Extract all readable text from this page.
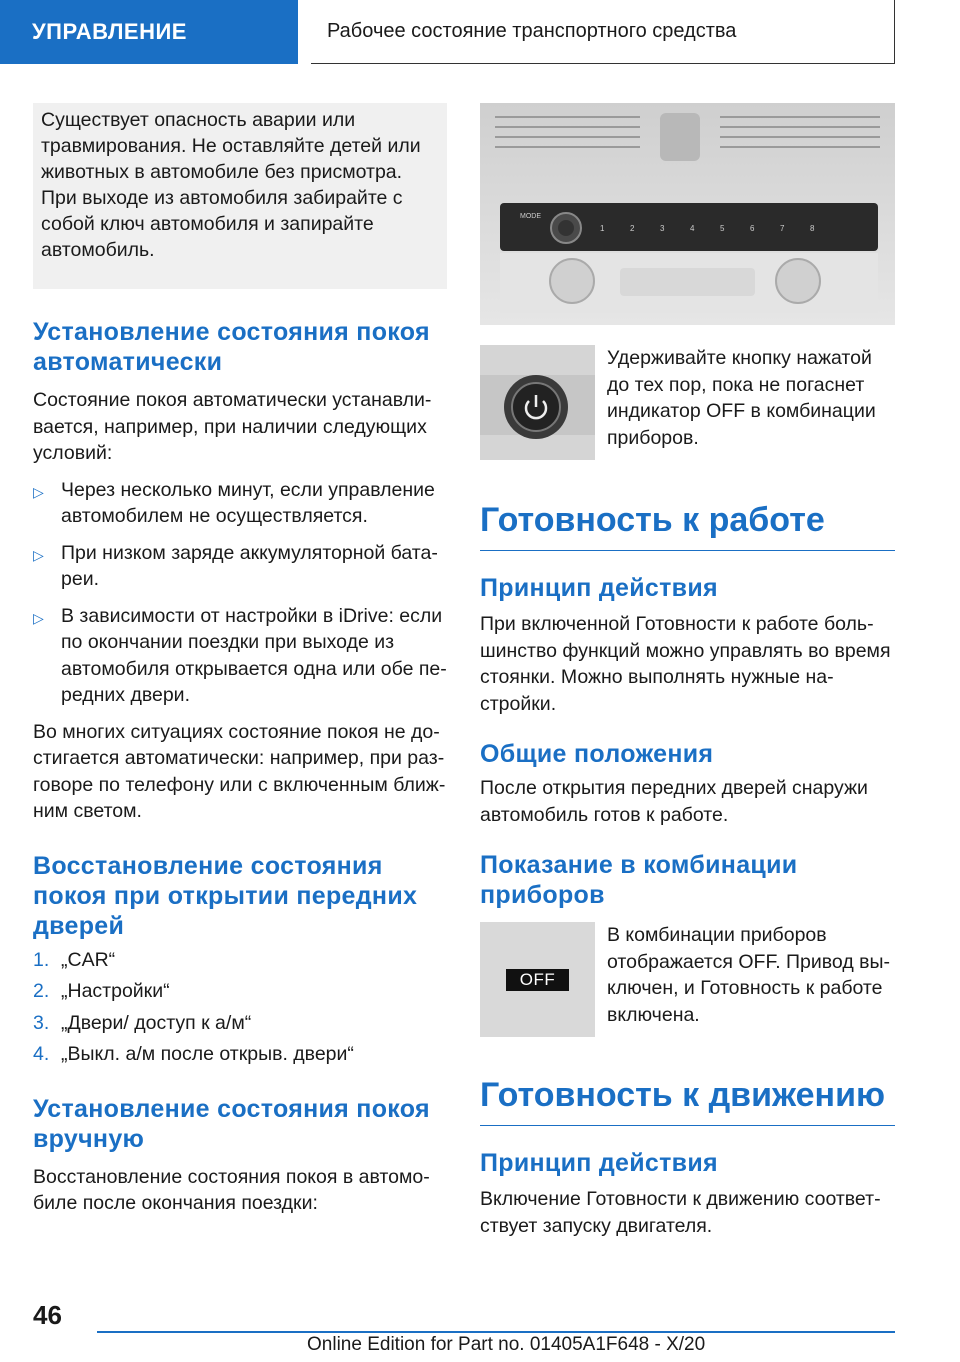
УПРАВЛЕНИЕ	Рабочее состояние транспортного средства
Существует опасность аварии или травмирования. Не оставляйте детей или животных в автомобиле без присмотра. При выходе из автомобиля забирайте с собой ключ автомобиля и запирайте автомобиль.
Установление состояния покоя автоматически

Состояние покоя автоматически устанавливается, например, при наличии следующих условий:

▷ Через несколько минут, если управление автомобилем не осуществляется.
▷ При низком заряде аккумуляторной батареи.
▷ В зависимости от настройки в iDrive: если по окончании поездки при выходе из автомобиля открывается одна или обе передних двери.

Во многих ситуациях состояние покоя не достигается автоматически: например, при разговоре по телефону или с включенным ближним светом.

Восстановление состояния покоя при открытии передних дверей
1. „CAR“
2. „Настройки“
3. „Двери/ доступ к а/м“
4. „Выкл. а/м после открыв. двери“
Установление состояния покоя вручную

Восстановление состояния покоя в автомобиле после окончания поездки:

MODE
1	2	3	4	5	6	7	8

Удерживайте кнопку нажатой до тех пор, пока не погаснет индикатор OFF в комбинации приборов.

Готовность к работе
Принцип действия

При включенной Готовности к работе большинство функций можно управлять во время стоянки. Можно выполнять нужные настройки.

Общие положения

После открытия передних дверей снаружи автомобиль готов к работе.

Показание в комбинации приборов
OFF

В комбинации приборов отображается OFF. Привод выключен, и Готовность к работе включена.

Готовность к движению
Принцип действия

Включение Готовности к движению соответствует запуску двигателя.

46
Online Edition for Part no. 01405A1F648 - X/20
